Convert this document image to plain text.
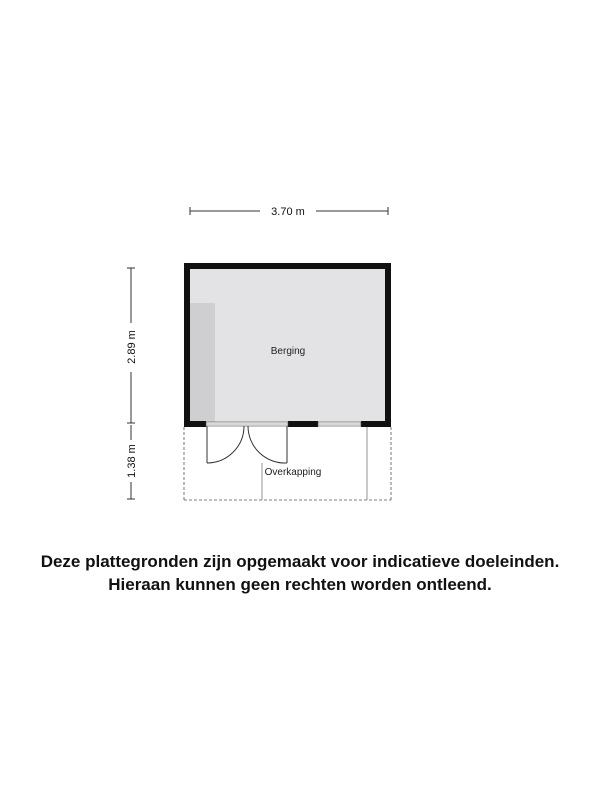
3.70 m
2.89 m
1.38 m
Berging
Overkapping
Deze plattegronden zijn opgemaakt voor indicatieve doeleinden.
Hieraan kunnen geen rechten worden ontleend.
